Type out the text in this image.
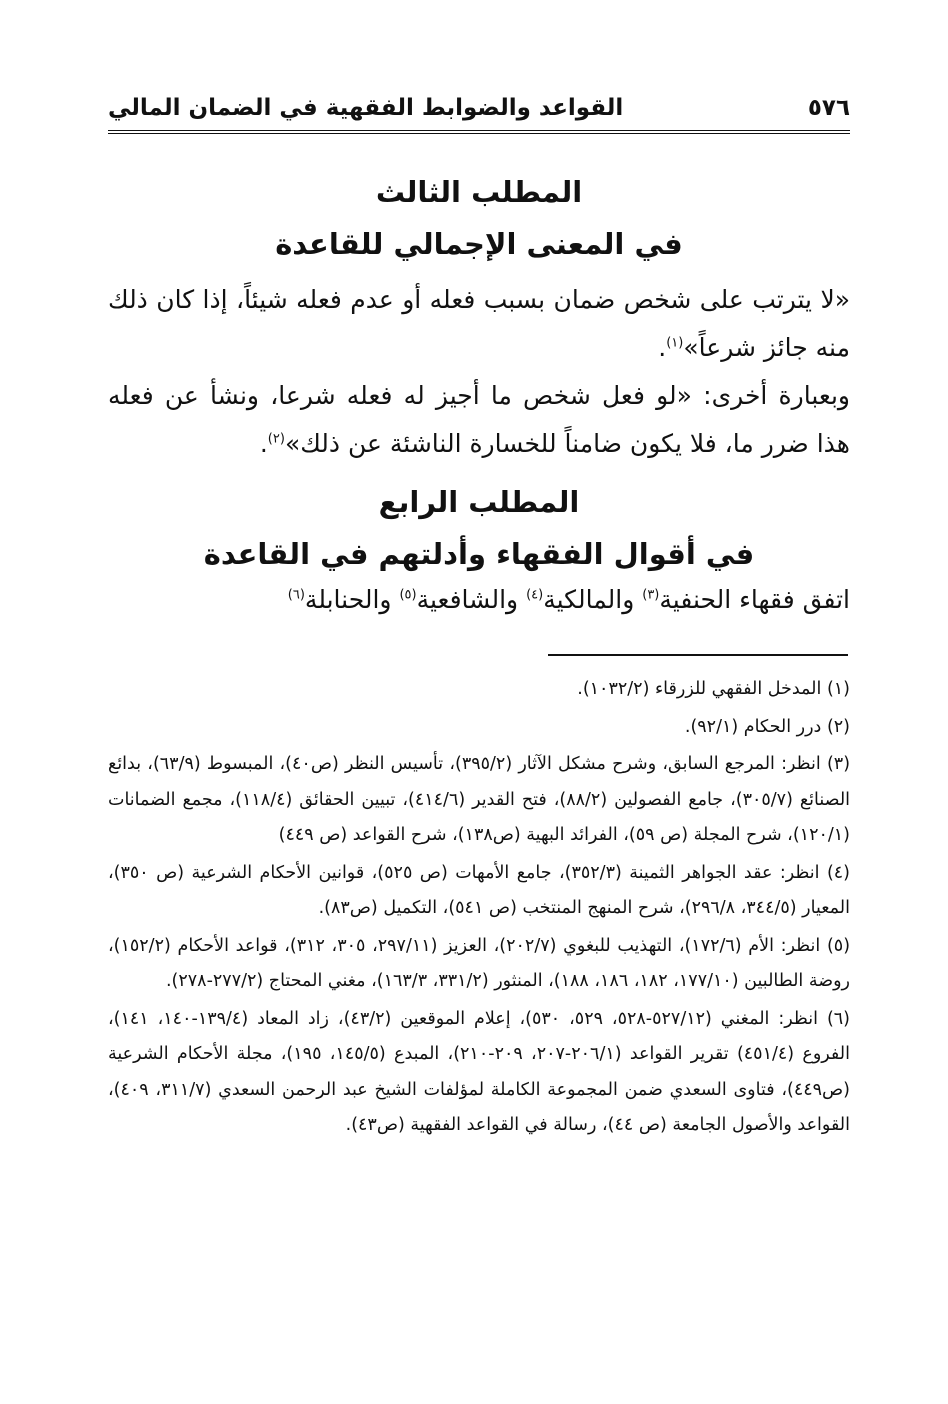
٥٧٦
القواعد والضوابط الفقهية في الضمان المالي
المطلب الثالث
في المعنى الإجمالي للقاعدة

«لا يترتب على شخص ضمان بسبب فعله أو عدم فعله شيئاً، إذا كان ذلك منه جائز شرعاً»$^{(١)}$.

وبعبارة أخرى: «لو فعل شخص ما أجيز له فعله شرعا، ونشأ عن فعله هذا ضرر ما، فلا يكون ضامناً للخسارة الناشئة عن ذلك»$^{(٢)}$.

المطلب الرابع
في أقوال الفقهاء وأدلتهم في القاعدة

اتفق فقهاء الحنفية$^{(٣)}$ والمالكية$^{(٤)}$ والشافعية$^{(٥)}$ والحنابلة$^{(٦)}$

(١) المدخل الفقهي للزرقاء (١٠٣٢/٢).

(٢) درر الحكام (٩٢/١).

(٣) انظر: المرجع السابق، وشرح مشكل الآثار (٣٩٥/٢)، تأسيس النظر (ص٤٠)، المبسوط (٦٣/٩)، بدائع الصنائع (٣٠٥/٧)، جامع الفصولين (٨٨/٢)، فتح القدير (٤١٤/٦)، تبيين الحقائق (١١٨/٤)، مجمع الضمانات (١٢٠/١)، شرح المجلة (ص ٥٩)، الفرائد البهية (ص١٣٨)، شرح القواعد (ص ٤٤٩)

(٤) انظر: عقد الجواهر الثمينة (٣٥٢/٣)، جامع الأمهات (ص ٥٢٥)، قوانين الأحكام الشرعية (ص ٣٥٠)، المعيار (٣٤٤/٥، ٢٩٦/٨)، شرح المنهج المنتخب (ص ٥٤١)، التكميل (ص٨٣).

(٥) انظر: الأم (١٧٢/٦)، التهذيب للبغوي (٢٠٢/٧)، العزيز (٢٩٧/١١، ٣٠٥، ٣١٢)، قواعد الأحكام (١٥٢/٢)، روضة الطالبين (١٧٧/١٠، ١٨٢، ١٨٦، ١٨٨)، المنثور (٣٣١/٢، ١٦٣/٣)، مغني المحتاج (٢٧٧/٢-٢٧٨).

(٦) انظر: المغني (٥٢٧/١٢-٥٢٨، ٥٢٩، ٥٣٠)، إعلام الموقعين (٤٣/٢)، زاد المعاد (١٣٩/٤-١٤٠، ١٤١)، الفروع (٤٥١/٤) تقرير القواعد (٢٠٦/١-٢٠٧، ٢٠٩-٢١٠)، المبدع (١٤٥/٥، ١٩٥)، مجلة الأحكام الشرعية (ص٤٤٩)، فتاوى السعدي ضمن المجموعة الكاملة لمؤلفات الشيخ عبد الرحمن السعدي (٣١١/٧، ٤٠٩)، القواعد والأصول الجامعة (ص ٤٤)، رسالة في القواعد الفقهية (ص٤٣).
